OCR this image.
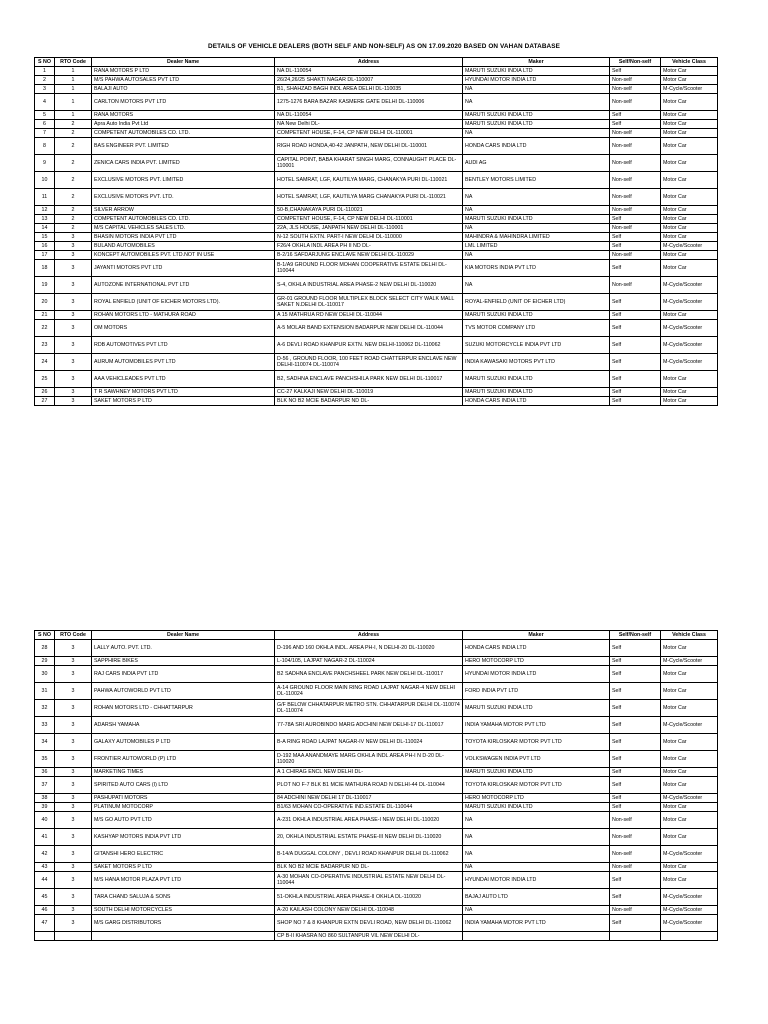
DETAILS OF VEHICLE DEALERS (BOTH SELF AND NON-SELF) AS ON 17.09.2020 BASED ON VAHAN DATABASE
S NO	RTO Code	Dealer Name	Address	Maker	Self/Non-self	Vehicle Class
1	1	RANA MOTORS P LTD	NA DL-110054	MARUTI SUZUKI INDIA LTD	Self	Motor Car
2	1	M/S PAHWA AUTOSALES PVT LTD	26/24,26/25 SHAKTI NAGAR DL-110007	HYUNDAI MOTOR INDIA LTD	Non-self	Motor Car
3	1	BALAJI AUTO	B1, SHAHZAD BAGH INDL AREA DELHI DL-110035	NA	Non-self	M-Cycle/Scooter
4	1	CARLTON MOTORS PVT LTD	1275-1276 BARA BAZAR KASMERE GATE DELHI DL-110006	NA	Non-self	Motor Car
5	1	RANA MOTORS	NA DL-110054	MARUTI SUZUKI INDIA LTD	Self	Motor Car
6	2	Apra Auto India Pvt Ltd	NA New Delhi DL-	MARUTI SUZUKI INDIA LTD	Self	Motor Car
7	2	COMPETENT AUTOMOBILES CO. LTD.	COMPETENT HOUSE, F-14, CP NEW DELHI DL-110001	NA	Non-self	Motor Car
8	2	BAS ENGINEER PVT. LIMITED	RIGH ROAD HONDA,40-42 JANPATH, NEW DELHI DL-110001	HONDA CARS INDIA LTD	Non-self	Motor Car
9	2	ZENICA CARS INDIA PVT. LIMITED	CAPITAL POINT, BABA KHARAT SINGH MARG, CONNAUGHT PLACE DL-110001	AUDI AG	Non-self	Motor Car
10	2	EXCLUSIVE MOTORS PVT. LIMITED	HOTEL SAMRAT, LGF, KAUTILYA MARG, CHANAKYA PURI DL-110021	BENTLEY MOTORS LIMITED	Non-self	Motor Car
11	2	EXCLUSIVE MOTORS PVT. LTD.	HOTEL SAMRAT, LGF, KAUTILYA MARG CHANAKYA PURI DL-110021	NA	Non-self	Motor Car
12	2	SILVER ARROW	50-B,CHANAKAYA PURI DL-110021	NA	Non-self	Motor Car
13	2	COMPETENT AUTOMOBILES CO. LTD.	COMPETENT HOUSE, F-14, CP NEW DELHI DL-110001	MARUTI SUZUKI INDIA LTD	Self	Motor Car
14	2	M/S CAPITAL VEHICLES SALES LTD.	22A, JLS HOUSE, JANPATH NEW DELHI DL-110001	NA	Non-self	Motor Car
15	3	BHASIN MOTORS INDIA PVT LTD	N-12 SOUTH EXTN. PART-I NEW DELHI DL-110000	MAHINDRA & MAHINDRA LIMITED	Self	Motor Car
16	3	BULAND AUTOMOBILES	F26/4 OKHLA INDL AREA PH II ND DL-	LML LIMITED	Self	M-Cycle/Scooter
17	3	KONCEPT AUTOMOBILES PVT. LTD.NOT IN USE	B-2/16 SAFDARJUNG ENCLAVE NEW DELHI DL-110029	NA	Non-self	Motor Car
18	3	JAYANTI MOTORS PVT LTD	B-1/A9 GROUND FLOOR MOHAN COOPERATIVE ESTATE DELHI DL-110044	KIA MOTORS INDIA PVT LTD	Self	Motor Car
19	3	AUTOZONE INTERNATIONAL PVT LTD	S-4, OKHLA INDUSTRIAL AREA PHASE-2 NEW DELHI DL-110020	NA	Non-self	M-Cycle/Scooter
20	3	ROYAL ENFIELD (UNIT OF EICHER MOTORS LTD).	GR-01 GROUND FLOOR MULTIPLEX BLOCK SELECT CITY WALK MALL SAKET N.DELHI DL-110017	ROYAL-ENFIELD (UNIT OF EICHER LTD)	Self	M-Cycle/Scooter
21	3	ROHAN MOTORS LTD - MATHURA ROAD	A 15 MATHRUA RD NEW DELHI DL-110044	MARUTI SUZUKI INDIA LTD	Self	Motor Car
22	3	OM MOTORS	A-5 MOLAR BAND EXTENSION BADARPUR NEW DELHI DL-110044	TVS MOTOR COMPANY LTD	Self	M-Cycle/Scooter
23	3	RDB AUTOMOTIVES PVT LTD	A-6 DEVLI ROAD KHANPUR EXTN. NEW DELHI-110062 DL-110062	SUZUKI MOTORCYCLE INDIA PVT LTD	Self	M-Cycle/Scooter
24	3	AURUM AUTOMOBILES PVT LTD	D-56 , GROUND FLOOR, 100 FEET ROAD CHATTERPUR ENCLAVE NEW DELHI-110074 DL-110074	INDIA KAWASAKI MOTORS PVT LTD	Self	M-Cycle/Scooter
25	3	AAA VEHICLEADES PVT LTD	B2, SADHNA ENCLAVE PANCHSHILA PARK NEW DELHI DL-110017	MARUTI SUZUKI INDIA LTD	Self	Motor Car
26	3	T R SAWHNEY MOTORS PVT LTD	CC-27 KALKAJI NEW DELHI DL-110019	MARUTI SUZUKI INDIA LTD	Self	Motor Car
27	3	SAKET MOTORS P LTD	BLK NO B2 MCIE BADARPUR ND DL-	HONDA CARS INDIA LTD	Self	Motor Car
S NO	RTO Code	Dealer Name	Address	Maker	Self/Non-self	Vehicle Class
28	3	LALLY AUTO. PVT. LTD.	D-196 AND 160 OKHLA INDL. AREA PH-I, N DELHI-20 DL-110020	HONDA CARS INDIA LTD	Self	Motor Car
29	3	SAPPHIRE BIKES	L-104/105, LAJPAT NAGAR-2 DL-110024	HERO MOTOCORP LTD	Self	M-Cycle/Scooter
30	3	RAJ CARS INDIA PVT LTD	B2 SADHNA ENCLAVE PANCHSHEEL PARK NEW DELHI DL-110017	HYUNDAI MOTOR INDIA LTD	Self	Motor Car
31	3	PAHWA AUTOWORLD PVT LTD	A-14 GROUND FLOOR MAIN RING ROAD LAJPAT NAGAR-4 NEW DELHI DL-110024	FORD INDIA PVT LTD	Self	Motor Car
32	3	ROHAN MOTORS LTD - CHHATTARPUR	G/F BELOW CHHATARPUR METRO STN. CHHATARPUR DELHI DL-110074 DL-110074	MARUTI SUZUKI INDIA LTD	Self	Motor Car
33	3	ADARSH YAMAHA	77-78A SRI AUROBINDO MARG ADCHINI NEW DELHI-17 DL-110017	INDIA YAMAHA MOTOR PVT LTD	Self	M-Cycle/Scooter
34	3	GALAXY AUTOMOBILES P LTD	B-A RING ROAD LAJPAT NAGAR-IV NEW DELHI DL-110024	TOYOTA KIRLOSKAR MOTOR PVT LTD	Self	Motor Car
35	3	FRONTIER AUTOWORLD (P) LTD	D-192 MAA ANANDMAYE MARG OKHLA INDL AREA PH-I N D-20 DL-110020	VOLKSWAGEN INDIA PVT LTD	Self	Motor Car
36	3	MARKETING TIMES	A 1 CHIRAG ENCL NEW DELHI DL-	MARUTI SUZUKI INDIA LTD	Self	Motor Car
37	3	SPIRITED AUTO CARS (I) LTD	PLOT NO F-7 BLK B1 MCIE MATHURA ROAD N DELHI-44 DL-110044	TOYOTA KIRLOSKAR MOTOR PVT LTD	Self	Motor Car
38	3	PASHUPATI MOTORS	84 ADCHINI NEW DELHI 17 DL-110017	HERO MOTOCORP LTD	Self	M-Cycle/Scooter
39	3	PLATINUM MOTOCORP	B1/63 MOHAN CO-OPERATIVE IND.ESTATE DL-110044	MARUTI SUZUKI INDIA LTD	Self	Motor Car
40	3	M/S GO AUTO PVT LTD	A-231 OKHLA INDUSTRIAL AREA PHASE-I NEW DELHI DL-110020	NA	Non-self	Motor Car
41	3	KASHYAP MOTORS INDIA PVT LTD	20, OKHLA INDUSTRIAL ESTATE PHASE-III NEW DELHI DL-110020	NA	Non-self	Motor Car
42	3	GITANSHI HERO ELECTRIC	B-14/A DUGGAL COLONY , DEVLI ROAD KHANPUR DELHI DL-110062	NA	Non-self	M-Cycle/Scooter
43	3	SAKET MOTORS P LTD	BLK NO B2 MCIE BADARPUR ND DL-	NA	Non-self	Motor Car
44	3	M/S HANA MOTOR PLAZA PVT LTD	A-30 MOHAN CO-OPERATIVE INDUSTRIAL ESTATE NEW DELHI DL-110044	HYUNDAI MOTOR INDIA LTD	Self	Motor Car
45	3	TARA CHAND SALUJA & SONS	51-OKHLA INDUSTRIAL AREA PHASE-II OKHLA DL-110020	BAJAJ AUTO LTD	Self	M-Cycle/Scooter
46	3	SOUTH DELHI MOTORCYCLES	A-20 KAILASH COLONY NEW DELHI DL-110048	NA	Non-self	M-Cycle/Scooter
47	3	M/S GARG DISTRIBUTORS	SHOP NO 7 & 8 KHANPUR EXTN DEVLI ROAD, NEW DELHI DL-110062	INDIA YAMAHA MOTOR PVT LTD	Self	M-Cycle/Scooter
			CP B-II KHASRA NO 860 SULTANPUR VIL NEW DELHI DL-			
